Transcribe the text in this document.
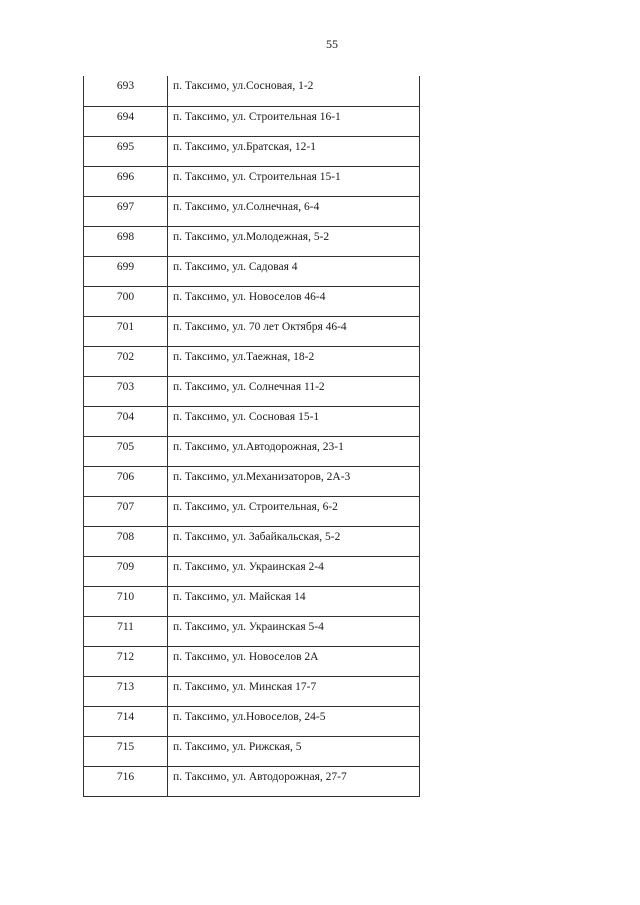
55
693	п. Таксимо, ул.Сосновая, 1-2
694	п. Таксимо, ул. Строительная 16-1
695	п. Таксимо, ул.Братская, 12-1
696	п. Таксимо, ул. Строительная 15-1
697	п. Таксимо, ул.Солнечная, 6-4
698	п. Таксимо, ул.Молодежная, 5-2
699	п. Таксимо, ул. Садовая 4
700	п. Таксимо, ул. Новоселов 46-4
701	п. Таксимо, ул. 70 лет Октября 46-4
702	п. Таксимо, ул.Таежная, 18-2
703	п. Таксимо, ул. Солнечная 11-2
704	п. Таксимо, ул. Сосновая 15-1
705	п. Таксимо, ул.Автодорожная, 23-1
706	п. Таксимо, ул.Механизаторов, 2А-3
707	п. Таксимо, ул. Строительная, 6-2
708	п. Таксимо, ул. Забайкальская, 5-2
709	п. Таксимо, ул. Украинская 2-4
710	п. Таксимо, ул. Майская 14
711	п. Таксимо, ул. Украинская 5-4
712	п. Таксимо, ул. Новоселов 2А
713	п. Таксимо, ул. Минская 17-7
714	п. Таксимо, ул.Новоселов, 24-5
715	п. Таксимо, ул. Рижская, 5
716	п. Таксимо, ул. Автодорожная, 27-7
